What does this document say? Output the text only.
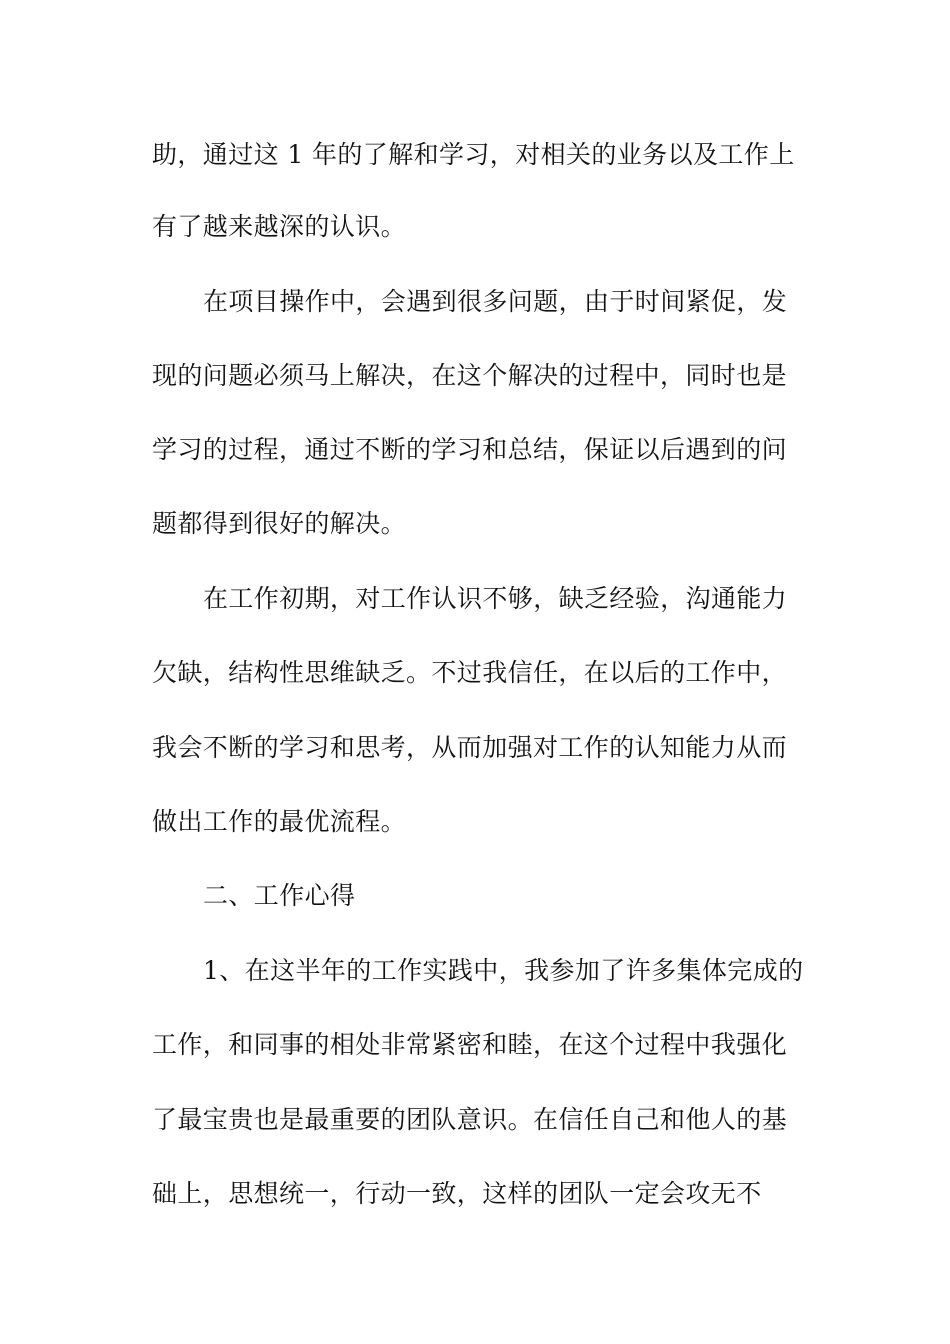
助，通过这 1 年的了解和学习，对相关的业务以及工作上
有了越来越深的认识。
在项目操作中，会遇到很多问题，由于时间紧促，发
现的问题必须马上解决，在这个解决的过程中，同时也是
学习的过程，通过不断的学习和总结，保证以后遇到的问
题都得到很好的解决。
在工作初期，对工作认识不够，缺乏经验，沟通能力
欠缺，结构性思维缺乏。不过我信任，在以后的工作中，
我会不断的学习和思考，从而加强对工作的认知能力从而
做出工作的最优流程。
二、工作心得
1、在这半年的工作实践中，我参加了许多集体完成的
工作，和同事的相处非常紧密和睦，在这个过程中我强化
了最宝贵也是最重要的团队意识。在信任自己和他人的基
础上，思想统一，行动一致，这样的团队一定会攻无不
